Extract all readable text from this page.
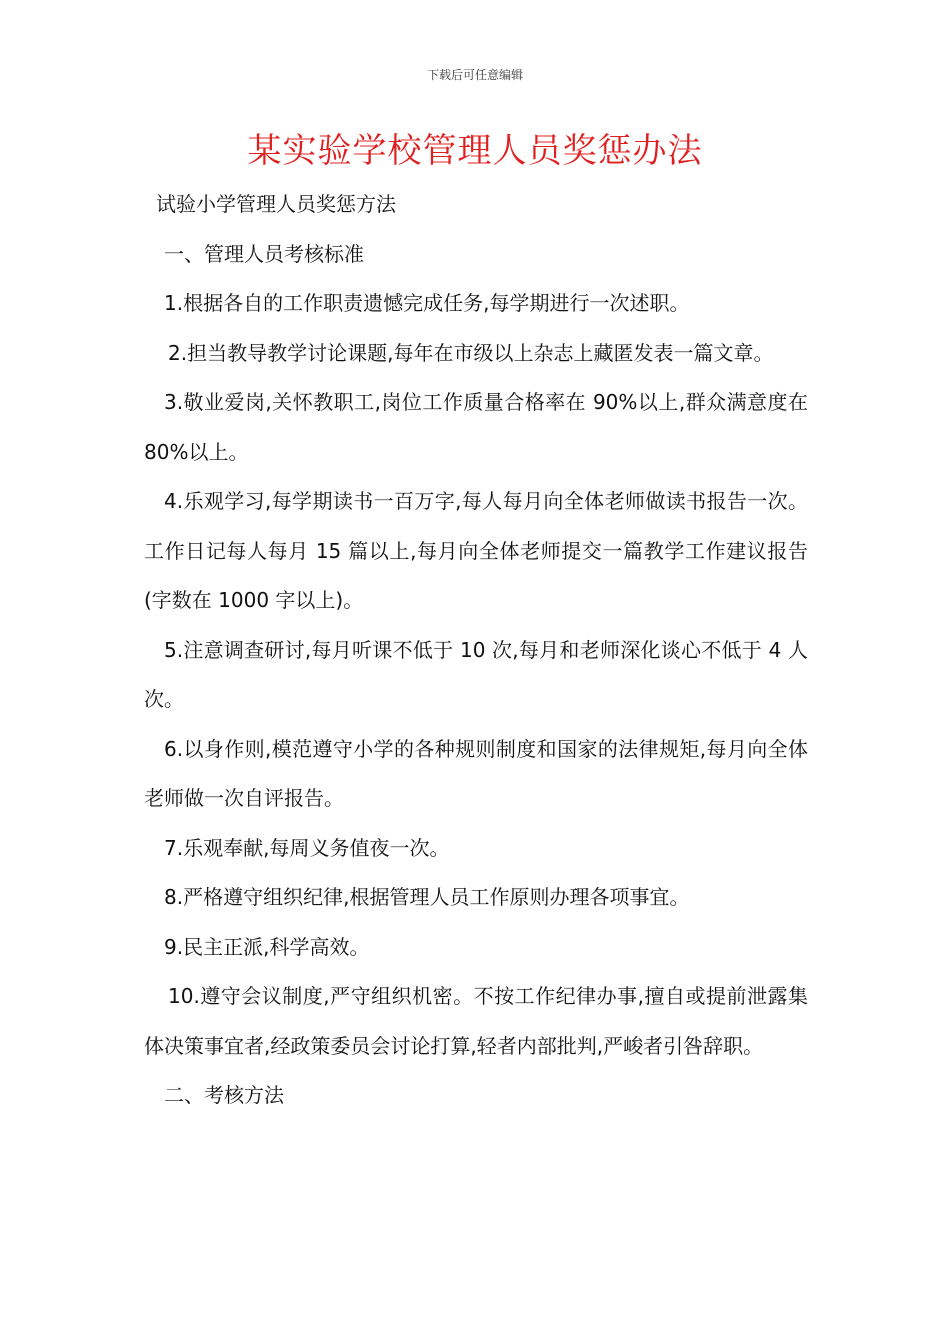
下载后可任意编辑
某实验学校管理人员奖惩办法

试验小学管理人员奖惩方法

一、管理人员考核标准

1.根据各自的工作职责遗憾完成任务,每学期进行一次述职。

2.担当教导教学讨论课题,每年在市级以上杂志上藏匿发表一篇文章。

3.敬业爱岗,关怀教职工,岗位工作质量合格率在 90%以上,群众满意度在 80%以上。

4.乐观学习,每学期读书一百万字,每人每月向全体老师做读书报告一次。工作日记每人每月 15 篇以上,每月向全体老师提交一篇教学工作建议报告(字数在 1000 字以上)。

5.注意调查研讨,每月听课不低于 10 次,每月和老师深化谈心不低于 4 人次。

6.以身作则,模范遵守小学的各种规则制度和国家的法律规矩,每月向全体老师做一次自评报告。

7.乐观奉献,每周义务值夜一次。

8.严格遵守组织纪律,根据管理人员工作原则办理各项事宜。

9.民主正派,科学高效。

10.遵守会议制度,严守组织机密。不按工作纪律办事,擅自或提前泄露集体决策事宜者,经政策委员会讨论打算,轻者内部批判,严峻者引咎辞职。

二、考核方法
